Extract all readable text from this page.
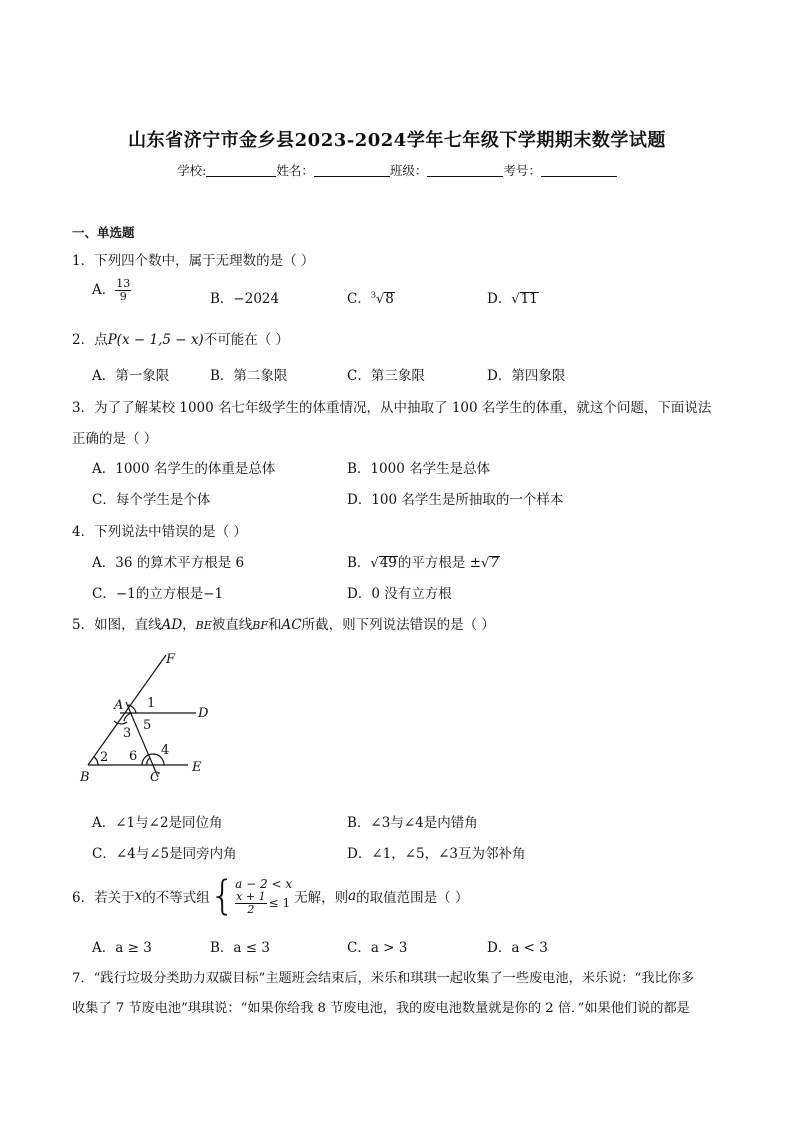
山东省济宁市金乡县2023-2024学年七年级下学期期末数学试题
学校:	姓名：	班级：	考号：
一、单选题
1．下列四个数中，属于无理数的是（ ）
A． $\frac{13}{9}$	B．−2024	C．$^3$√8	D．√11
2．点P(x − 1,5 − x)不可能在（ ）
A．第一象限	B．第二象限	C．第三象限	D．第四象限
3．为了了解某校 1000 名七年级学生的体重情况，从中抽取了 100 名学生的体重，就这个问题，下面说法
正确的是（ ）
A．1000 名学生的体重是总体	B．1000 名学生是总体
C．每个学生是个体	D．100 名学生是所抽取的一个样本
4．下列说法中错误的是（ ）
A．36 的算术平方根是 6	B．√49的平方根是 ±√7
C．−1的立方根是−1	D．0 没有立方根
5．如图，直线AD，BE被直线BF和AC所截，则下列说法错误的是（ ）
F
A
D
B	C
E
1
2
3
4
5
6
A．∠1与∠2是同位角	B．∠3与∠4是内错角
C．∠4与∠5是同旁内角	D．∠1，∠5，∠3互为邻补角
6．若关于 x 的不等式组 { a − 2 < x
$\frac{x + 1}{2} \le 1$ 无解，则 a 的取值范围是（ ）
A．a ≥ 3	B．a ≤ 3	C．a > 3	D．a < 3
7．“践行垃圾分类助力双碳目标”主题班会结束后，米乐和琪琪一起收集了一些废电池，米乐说：“我比你多
收集了 7 节废电池”琪琪说：“如果你给我 8 节废电池，我的废电池数量就是你的 2 倍．”如果他们说的都是
